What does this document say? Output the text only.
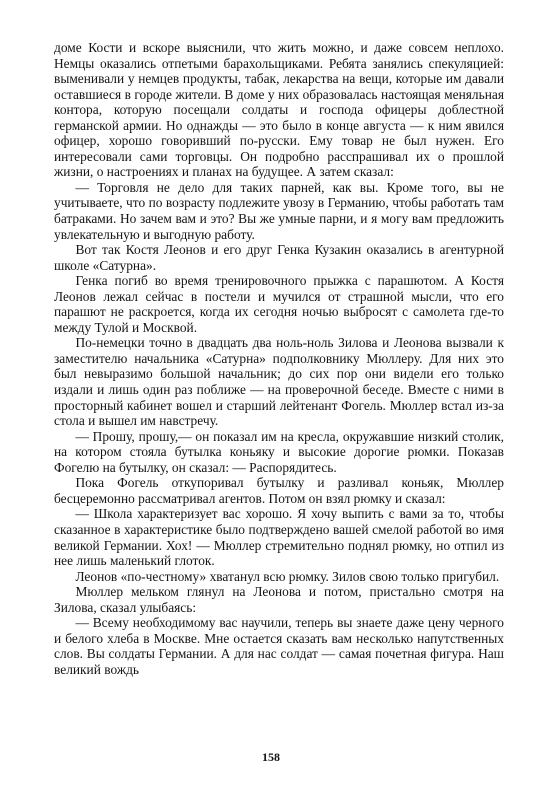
доме Кости и вскоре выяснили, что жить можно, и даже совсем неплохо. Немцы оказались отпетыми барахольщиками. Ребята занялись спекуляцией: выменивали у немцев продукты, табак, лекарства на вещи, которые им давали оставшиеся в городе жители. В доме у них образовалась настоящая меняльная контора, которую посещали солдаты и господа офицеры доблестной германской армии. Но однажды — это было в конце августа — к ним явился офицер, хорошо говоривший по-русски. Ему товар не был нужен. Его интересовали сами торговцы. Он подробно расспрашивал их о прошлой жизни, о настроениях и планах на будущее. А затем сказал:

— Торговля не дело для таких парней, как вы. Кроме того, вы не учитываете, что по возрасту подлежите увозу в Германию, чтобы работать там батраками. Но зачем вам и это? Вы же умные парни, и я могу вам предложить увлекательную и выгодную работу.

Вот так Костя Леонов и его друг Генка Кузакин оказались в агентурной школе «Сатурна».

Генка погиб во время тренировочного прыжка с парашютом. А Костя Леонов лежал сейчас в постели и мучился от страшной мысли, что его парашют не раскроется, когда их сегодня ночью выбросят с самолета где-то между Тулой и Москвой.

По-немецки точно в двадцать два ноль-ноль Зилова и Леонова вызвали к заместителю начальника «Сатурна» подполковнику Мюллеру. Для них это был невыразимо большой начальник; до сих пор они видели его только издали и лишь один раз поближе — на проверочной беседе. Вместе с ними в просторный кабинет вошел и старший лейтенант Фогель. Мюллер встал из-за стола и вышел им навстречу.

— Прошу, прошу,— он показал им на кресла, окружавшие низкий столик, на котором стояла бутылка коньяку и высокие дорогие рюмки. Показав Фогелю на бутылку, он сказал: — Распорядитесь.

Пока Фогель откупоривал бутылку и разливал коньяк, Мюллер бесцеремонно рассматривал агентов. Потом он взял рюмку и сказал:

— Школа характеризует вас хорошо. Я хочу выпить с вами за то, чтобы сказанное в характеристике было подтверждено вашей смелой работой во имя великой Германии. Хох! — Мюллер стремительно поднял рюмку, но отпил из нее лишь маленький глоток.

Леонов «по-честному» хватанул всю рюмку. Зилов свою только пригубил.

Мюллер мельком глянул на Леонова и потом, пристально смотря на Зилова, сказал улыбаясь:

— Всему необходимому вас научили, теперь вы знаете даже цену черного и белого хлеба в Москве. Мне остается сказать вам несколько напутственных слов. Вы солдаты Германии. А для нас солдат — самая почетная фигура. Наш великий вождь

158
